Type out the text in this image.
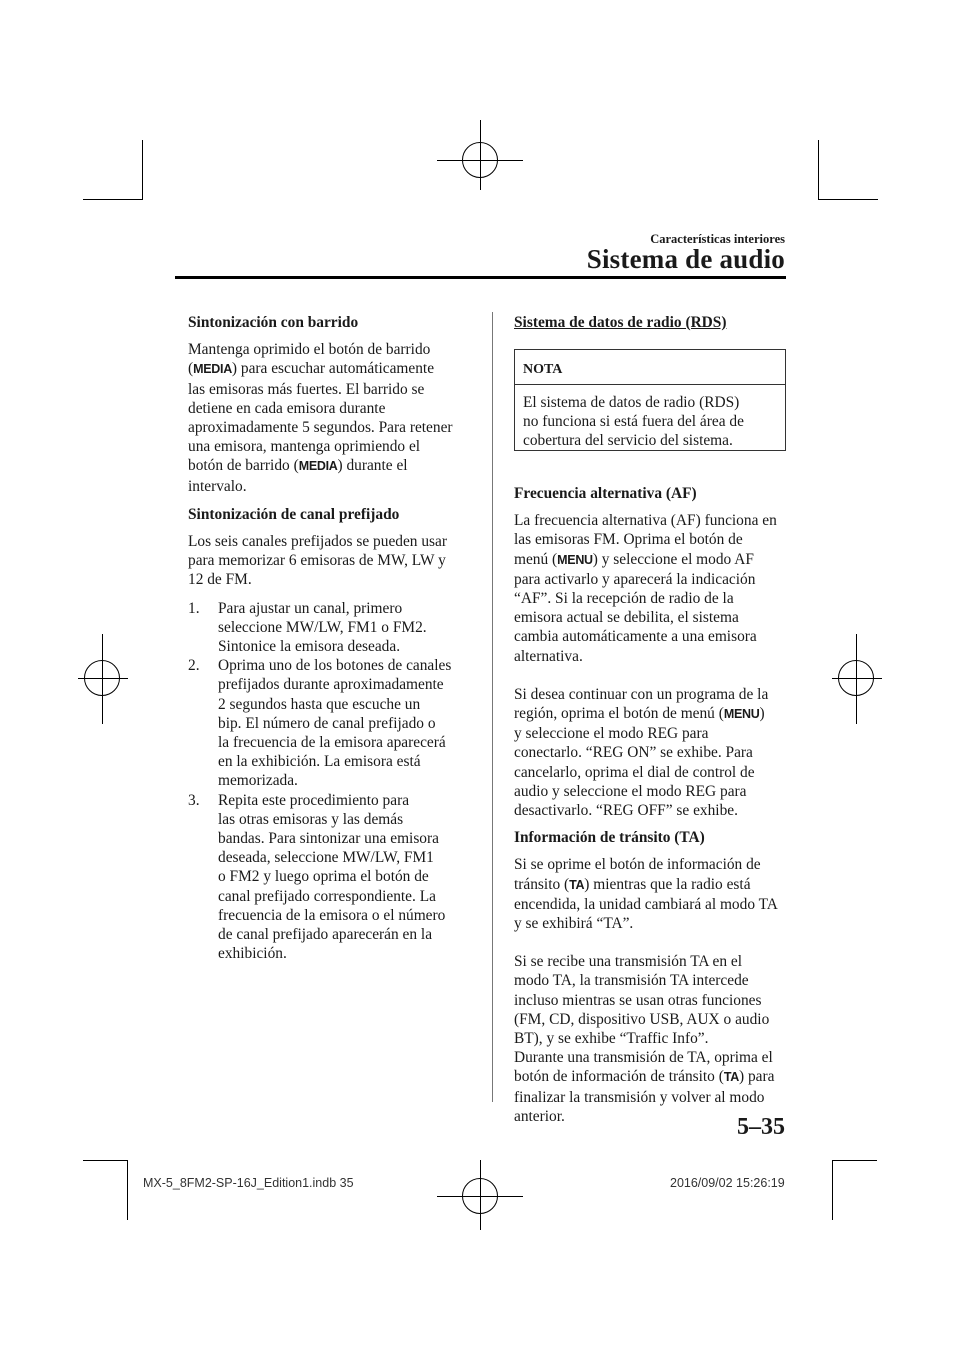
Características interiores
Sistema de audio

Sintonización con barrido

Mantenga oprimido el botón de barrido
(MEDIA) para escuchar automáticamente
las emisoras más fuertes. El barrido se
detiene en cada emisora durante
aproximadamente 5 segundos. Para retener
una emisora, mantenga oprimiendo el
botón de barrido (MEDIA) durante el
intervalo.

Sintonización de canal prefijado

Los seis canales prefijados se pueden usar
para memorizar 6 emisoras de MW, LW y
12 de FM.

1. Para ajustar un canal, primero
seleccione MW/LW, FM1 o FM2.
Sintonice la emisora deseada.
2. Oprima uno de los botones de canales
prefijados durante aproximadamente
2 segundos hasta que escuche un
bip. El número de canal prefijado o
la frecuencia de la emisora aparecerá
en la exhibición. La emisora está
memorizada.
3. Repita este procedimiento para
las otras emisoras y las demás
bandas. Para sintonizar una emisora
deseada, seleccione MW/LW, FM1
o FM2 y luego oprima el botón de
canal prefijado correspondiente. La
frecuencia de la emisora o el número
de canal prefijado aparecerán en la
exhibición.

Sistema de datos de radio (RDS)

NOTA
El sistema de datos de radio (RDS)
no funciona si está fuera del área de
cobertura del servicio del sistema.

Frecuencia alternativa (AF)

La frecuencia alternativa (AF) funciona en
las emisoras FM. Oprima el botón de
menú (MENU) y seleccione el modo AF
para activarlo y aparecerá la indicación
“AF”. Si la recepción de radio de la
emisora actual se debilita, el sistema
cambia automáticamente a una emisora
alternativa.

Si desea continuar con un programa de la
región, oprima el botón de menú (MENU)
y seleccione el modo REG para
conectarlo. “REG ON” se exhibe. Para
cancelarlo, oprima el dial de control de
audio y seleccione el modo REG para
desactivarlo. “REG OFF” se exhibe.

Información de tránsito (TA)

Si se oprime el botón de información de
tránsito (TA) mientras que la radio está
encendida, la unidad cambiará al modo TA
y se exhibirá “TA”.

Si se recibe una transmisión TA en el
modo TA, la transmisión TA intercede
incluso mientras se usan otras funciones
(FM, CD, dispositivo USB, AUX o audio
BT), y se exhibe “Traffic Info”.
Durante una transmisión de TA, oprima el
botón de información de tránsito (TA) para
finalizar la transmisión y volver al modo
anterior.	5–35
MX-5_8FM2-SP-16J_Edition1.indb 35	2016/09/02 15:26:19
